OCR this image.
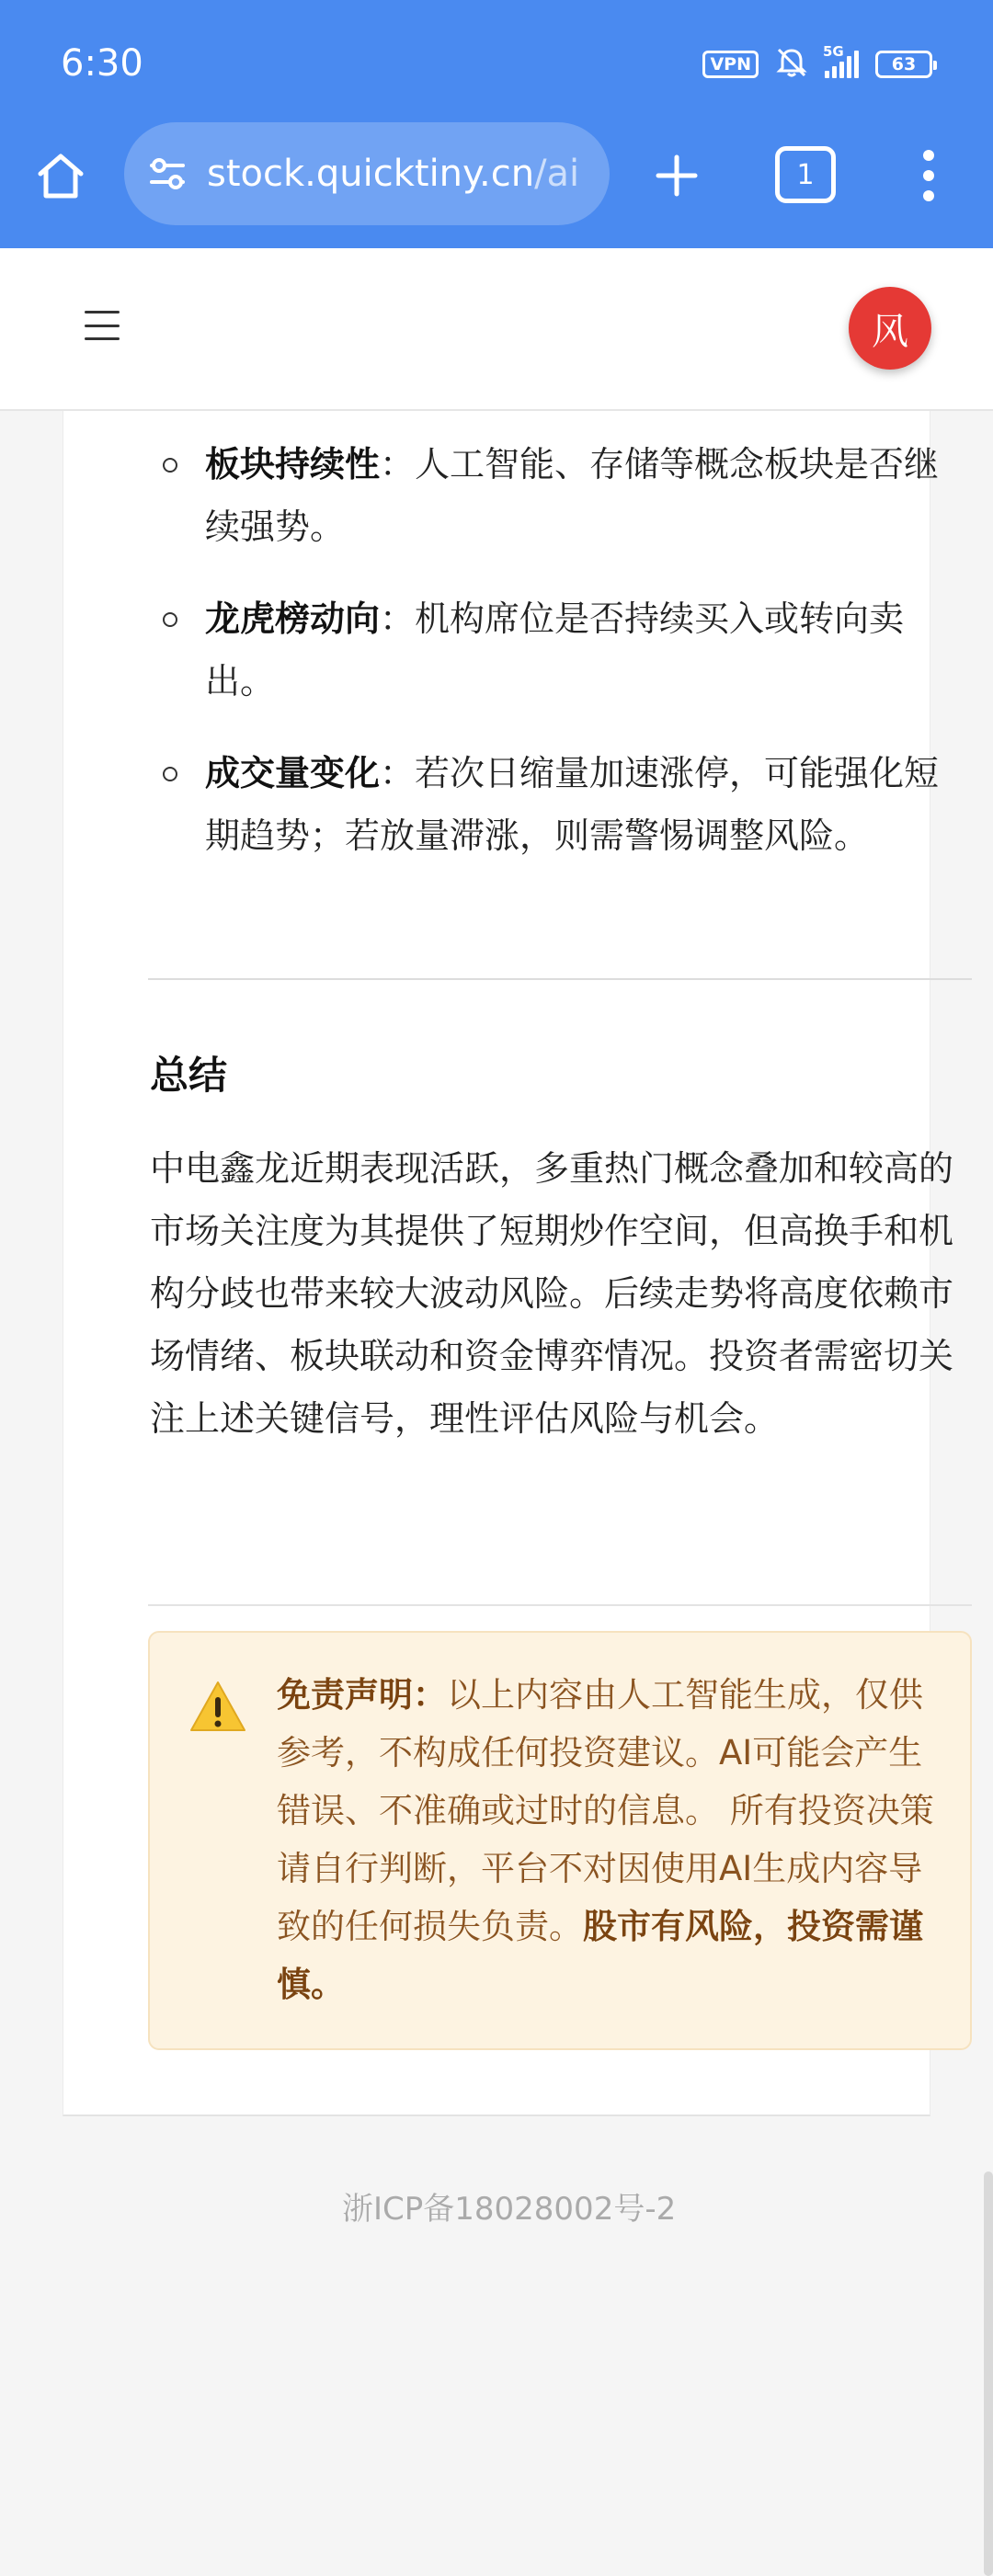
6:30	VPN
5G
63
stock.quicktiny.cn/ai	1
风
板块持续性：人工智能、存储等概念板块是否继续强势。
龙虎榜动向：机构席位是否持续买入或转向卖出。
成交量变化：若次日缩量加速涨停，可能强化短期趋势；若放量滞涨，则需警惕调整风险。
总结

中电鑫龙近期表现活跃，多重热门概念叠加和较高的市场关注度为其提供了短期炒作空间，但高换手和机构分歧也带来较大波动风险。后续走势将高度依赖市场情绪、板块联动和资金博弈情况。投资者需密切关注上述关键信号，理性评估风险与机会。

免责声明：以上内容由人工智能生成，仅供参考，不构成任何投资建议。AI可能会产生错误、不准确或过时的信息。 所有投资决策请自行判断，平台不对因使用AI生成内容导致的任何损失负责。股市有风险，投资需谨慎。
浙ICP备18028002号-2
